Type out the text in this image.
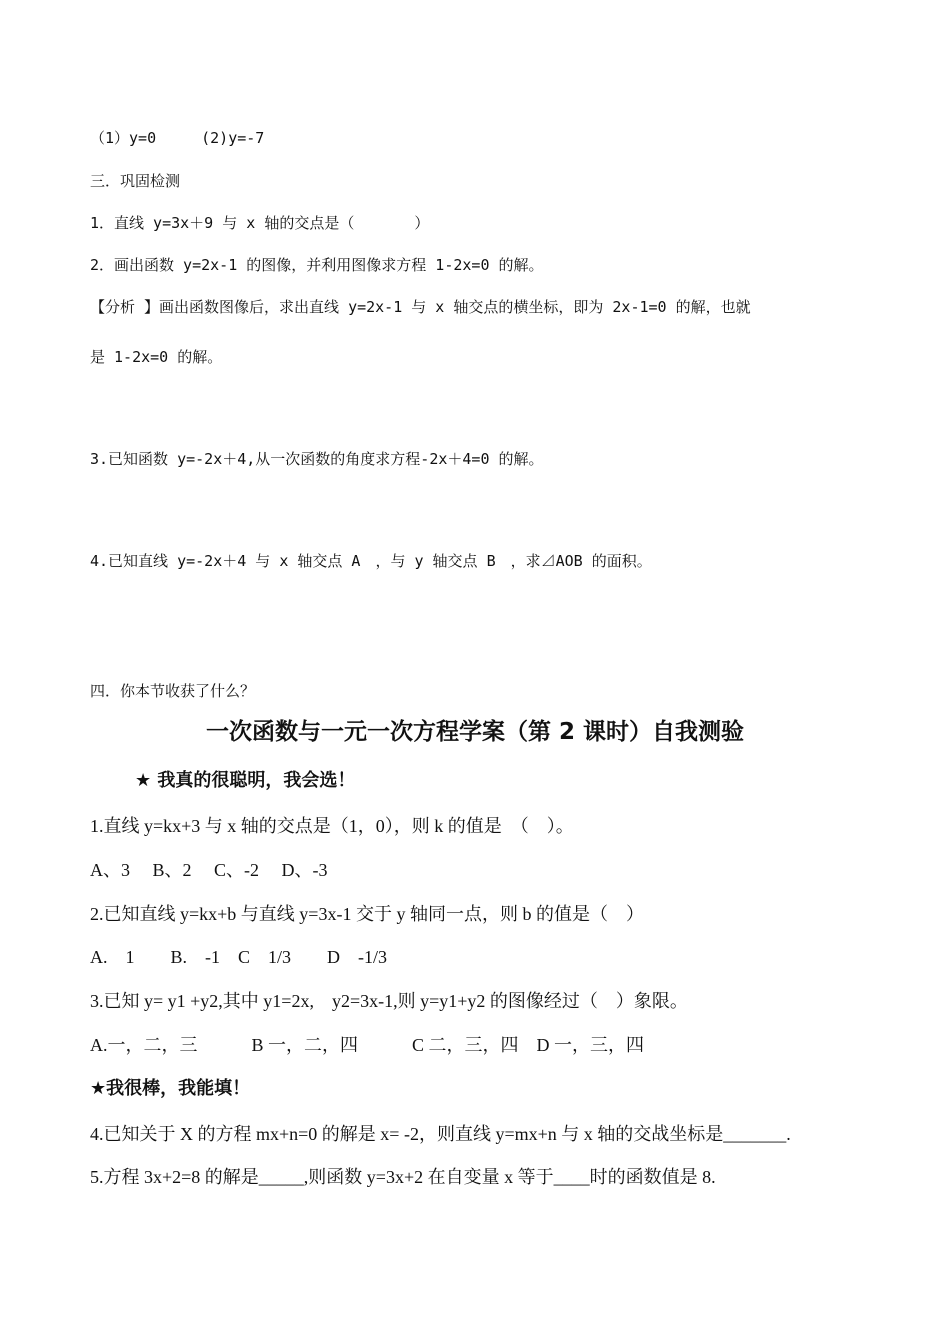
（1）y=0　　　(2)y=-7
三．巩固检测
1．直线 y=3x＋9 与 x 轴的交点是（　　　　）
2．画出函数 y=2x-1 的图像，并利用图像求方程 1-2x=0 的解。
【分析 】画出函数图像后，求出直线 y=2x-1 与 x 轴交点的横坐标，即为 2x-1=0 的解，也就
是 1-2x=0 的解。
3.已知函数 y=-2x＋4,从一次函数的角度求方程-2x＋4=0 的解。
4.已知直线 y=-2x＋4 与 x 轴交点 A　，与 y 轴交点 B　，求⊿AOB 的面积。
四．你本节收获了什么？
一次函数与一元一次方程学案（第 2 课时）自我测验
★ 我真的很聪明，我会选！
1.直线 y=kx+3 与 x 轴的交点是（1，0），则 k 的值是　（　）。
A、3　 B、2　 C、-2　 D、-3
2.已知直线 y=kx+b 与直线 y=3x-1 交于 y 轴同一点，则 b 的值是（　）
A.　1　　B.　-1　C　1/3　　D　-1/3
3.已知 y= y1 +y2,其中 y1=2x,　y2=3x-1,则 y=y1+y2 的图像经过（　）象限。
A.一，二，三　　　B 一，二，四　　　C 二，三，四　D 一，三，四
★我很棒，我能填！
4.已知关于 X 的方程 mx+n=0 的解是 x= -2，则直线 y=mx+n 与 x 轴的交战坐标是_______.
5.方程 3x+2=8 的解是_____,则函数 y=3x+2 在自变量 x 等于____时的函数值是 8.
